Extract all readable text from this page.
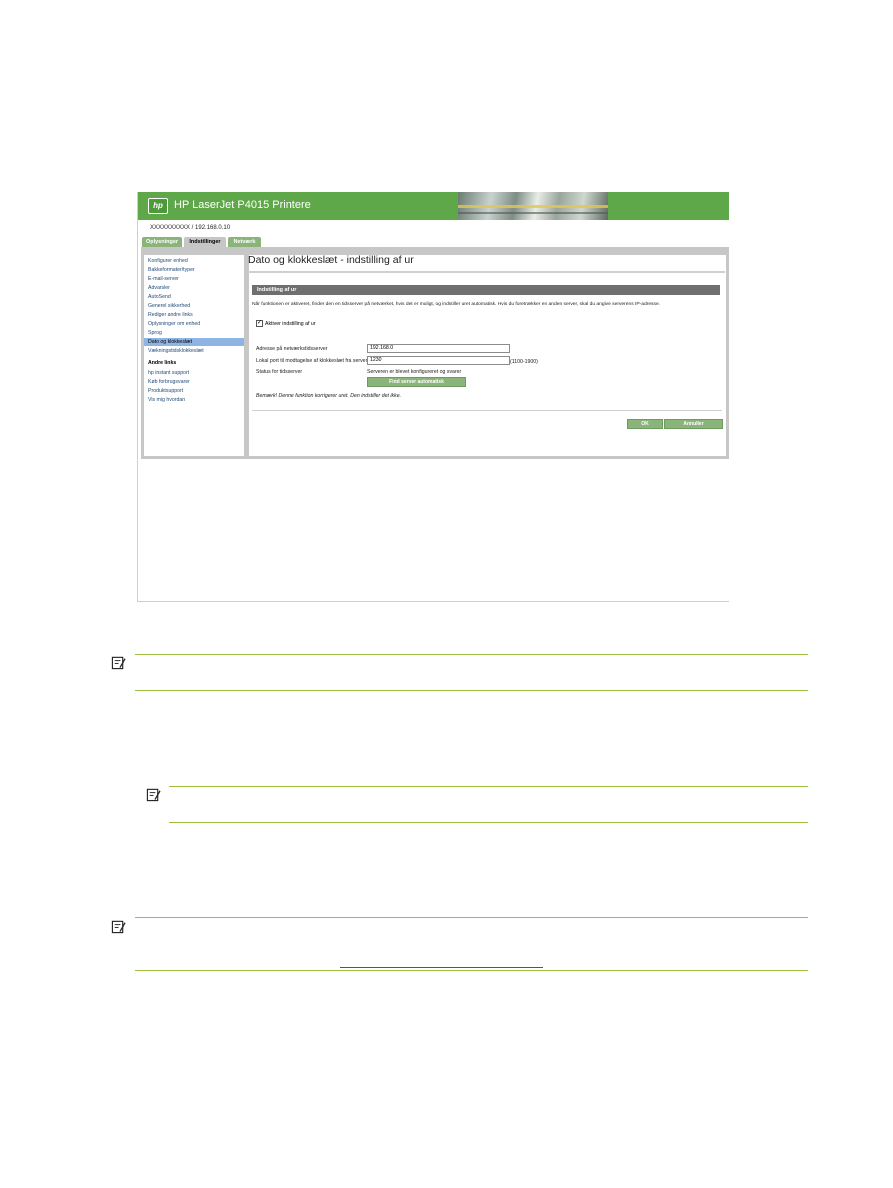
hp	HP LaserJet P4015 Printere
XXXXXXXXXX / 192.168.0.10
Oplysninger	Indstillinger	Netværk
Konfigurer enhed
Bakkeformater/typer
E-mail-server
Advarsler
AutoSend
Generel sikkerhed
Rediger andre links
Oplysninger om enhed
Sprog
Dato og klokkeslæt
Vækningstidsklokkeslæt
Andre links
hp instant support
Køb forbrugsvarer
Produktsupport
Vis mig hvordan
Dato og klokkeslæt - indstilling af ur
Indstilling af ur
Når funktionen er aktiveret, finder den en tidsserver på netværket, hvis det er muligt, og indstiller uret automatisk. Hvis du foretrækker en anden server, skal du angive serverens IP-adresse.
✓ Aktiver indstilling af ur
Adresse på netværkstidsserver	192.168.0
Lokal port til modtagelse af klokkeslæt fra server 1230	(1100-1900)
Status for tidsserver	Serveren er blevet konfigureret og svarer
Find server automatisk
Bemærk! Denne funktion korrigerer uret. Den indstiller det ikke.
OK	Annuller
